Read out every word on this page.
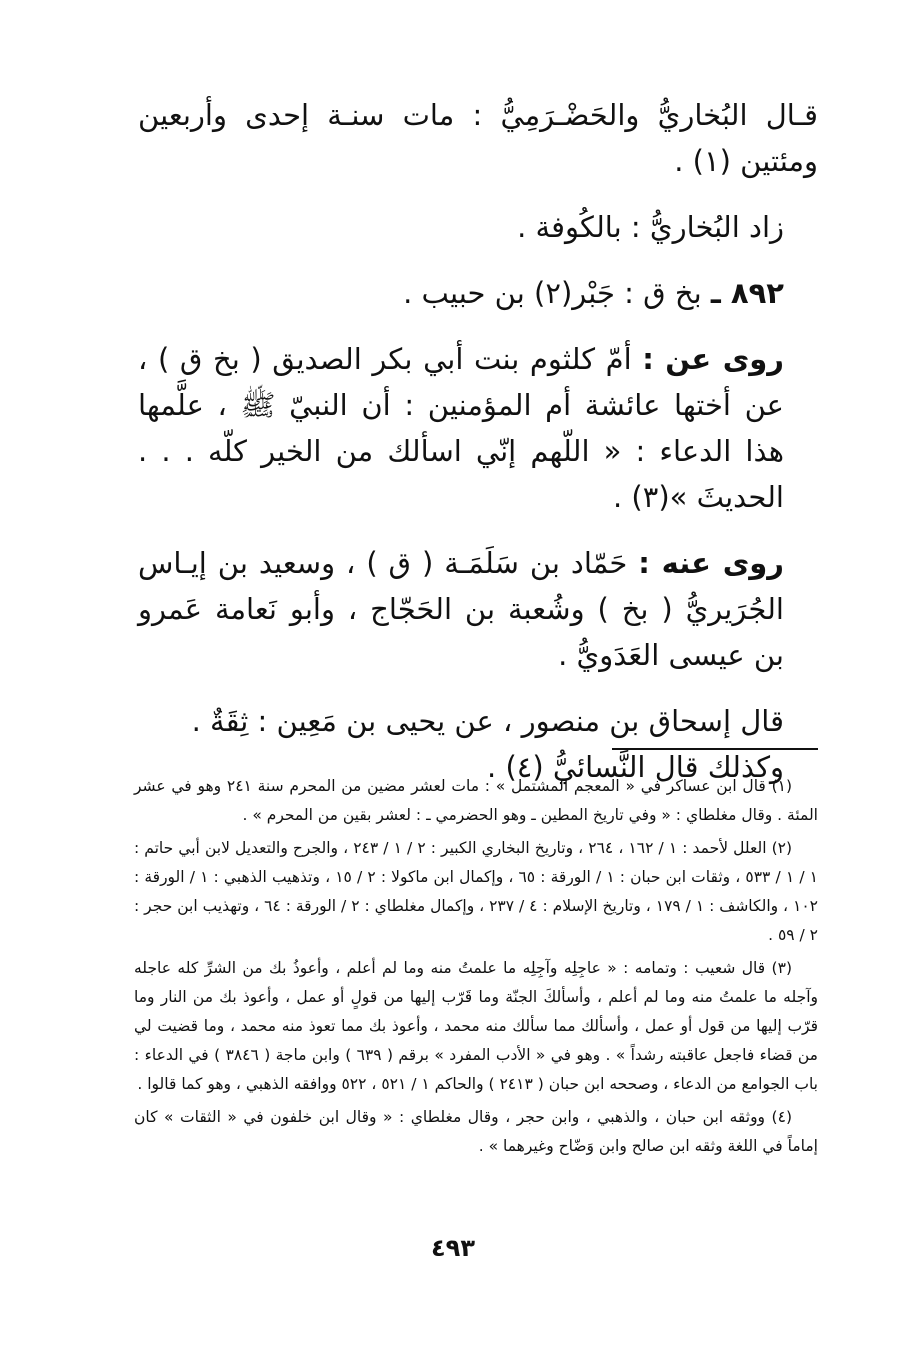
قـال البُخاريُّ والحَضْـرَمِيُّ : مات سنـة إحدى وأربعين ومئتين (١) .

زاد البُخاريُّ : بالكُوفة .

٨٩٢ ـ بخ ق : جَبْر(٢) بن حبيب .

روى عن : أمّ كلثوم بنت أبي بكر الصديق ( بخ ق ) ، عن أختها عائشة أم المؤمنين : أن النبيّ ﷺ ، علَّمها هذا الدعاء : « اللّهم إنّي اسألك من الخير كلّه . . . الحديثَ »(٣) .

روى عنه : حَمّاد بن سَلَمَـة ( ق ) ، وسعيد بن إيـاس الجُرَيريُّ ( بخ ) وشُعبة بن الحَجّاج ، وأبو نَعامة عَمرو بن عيسى العَدَويُّ .

قال إسحاق بن منصور ، عن يحيى بن مَعِين : ثِقَةٌ .

وكذلك قال النَّسائيُّ (٤) .

(١) قال ابن عساكر في « المعجم المشتمل » : مات لعشر مضين من المحرم سنة ٢٤١ وهو في عشر المئة . وقال مغلطاي : « وفي تاريخ المطين ـ وهو الحضرمي ـ : لعشر بقين من المحرم » .

(٢) العلل لأحمد : ١ / ١٦٢ ، ٢٦٤ ، وتاريخ البخاري الكبير : ٢ / ١ / ٢٤٣ ، والجرح والتعديل لابن أبي حاتم : ١ / ١ / ٥٣٣ ، وثقات ابن حبان : ١ / الورقة : ٦٥ ، وإكمال ابن ماكولا : ٢ / ١٥ ، وتذهيب الذهبي : ١ / الورقة : ١٠٢ ، والكاشف : ١ / ١٧٩ ، وتاريخ الإسلام : ٤ / ٢٣٧ ، وإكمال مغلطاي : ٢ / الورقة : ٦٤ ، وتهذيب ابن حجر : ٢ / ٥٩ .

(٣) قال شعيب : وتمامه : « عاجِلِه وآجِلِه ما علمتُ منه وما لم أعلم ، وأعوذُ بك من الشرِّ كله عاجله وآجله ما علمتُ منه وما لم أعلم ، وأسألكَ الجنّة وما قَرّب إليها من قولٍ أو عمل ، وأعوذ بك من النار وما قرّب إليها من قول أو عمل ، وأسألك مما سألك منه محمد ، وأعوذ بك مما تعوذ منه محمد ، وما قضيت لي من قضاء فاجعل عاقبته رشداً » . وهو في « الأدب المفرد » برقم ( ٦٣٩ ) وابن ماجة ( ٣٨٤٦ ) في الدعاء : باب الجوامع من الدعاء ، وصححه ابن حبان ( ٢٤١٣ ) والحاكم ١ / ٥٢١ ، ٥٢٢ ووافقه الذهبي ، وهو كما قالوا .

(٤) ووثقه ابن حبان ، والذهبي ، وابن حجر ، وقال مغلطاي : « وقال ابن خلفون في « الثقات » كان إماماً في اللغة وثقه ابن صالح وابن وَضّاح وغيرهما » .

٤٩٣
